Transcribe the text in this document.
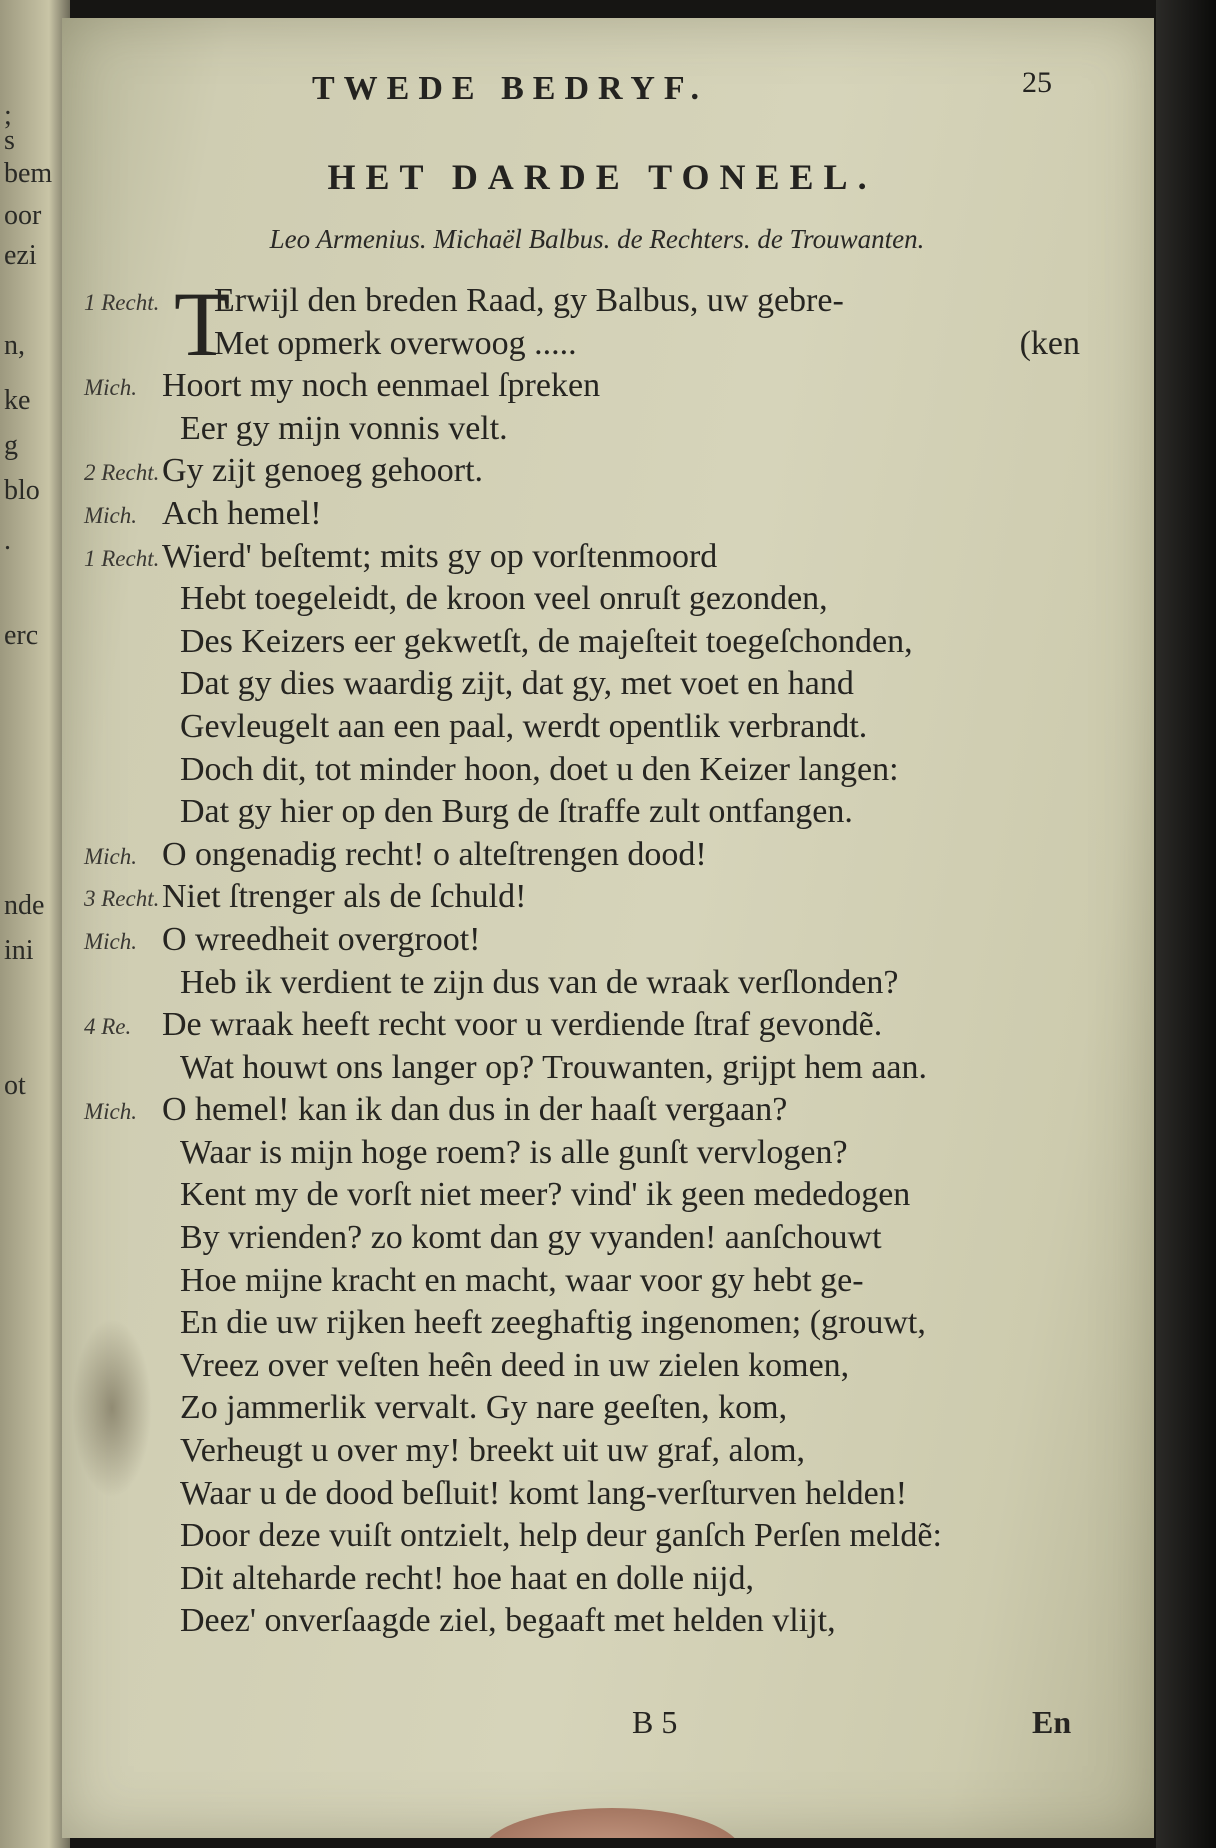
;
s
bem
oor
ezi
n,
ke
g
blo
.
erc
nde
ini
ot
TWEDE BEDRYF.	25
HET DARDE TONEEL.
Leo Armenius. Michaël Balbus. de Rechters. de Trouwanten.
T
1 Recht. Erwijl den breden Raad, gy Balbus, uw gebre-
Met opmerk overwoog .....	(ken
Mich. Hoort my noch eenmael ſpreken
Eer gy mijn vonnis velt.
2 Recht. Gy zijt genoeg gehoort.
Mich. Ach hemel!
1 Recht. Wierd' beſtemt; mits gy op vorſtenmoord
Hebt toegeleidt, de kroon veel onruſt gezonden,
Des Keizers eer gekwetſt, de majeſteit toegeſchonden,
Dat gy dies waardig zijt, dat gy, met voet en hand
Gevleugelt aan een paal, werdt opentlik verbrandt.
Doch dit, tot minder hoon, doet u den Keizer langen:
Dat gy hier op den Burg de ſtraffe zult ontfangen.
Mich. O ongenadig recht! o alteſtrengen dood!
3 Recht. Niet ſtrenger als de ſchuld!
Mich. O wreedheit overgroot!
Heb ik verdient te zijn dus van de wraak verſlonden?
4 Re. De wraak heeft recht voor u verdiende ſtraf gevondẽ.
Wat houwt ons langer op? Trouwanten, grijpt hem aan.
Mich. O hemel! kan ik dan dus in der haaſt vergaan?
Waar is mijn hoge roem? is alle gunſt vervlogen?
Kent my de vorſt niet meer? vind' ik geen mededogen
By vrienden? zo komt dan gy vyanden! aanſchouwt
Hoe mijne kracht en macht, waar voor gy hebt ge-
En die uw rijken heeft zeeghaftig ingenomen; (grouwt,
Vreez over veſten heên deed in uw zielen komen,
Zo jammerlik vervalt. Gy nare geeſten, kom,
Verheugt u over my! breekt uit uw graf, alom,
Waar u de dood beſluit! komt lang-verſturven helden!
Door deze vuiſt ontzielt, help deur ganſch Perſen meldẽ:
Dit alteharde recht! hoe haat en dolle nijd,
Deez' onverſaagde ziel, begaaft met helden vlijt,
B 5	En
